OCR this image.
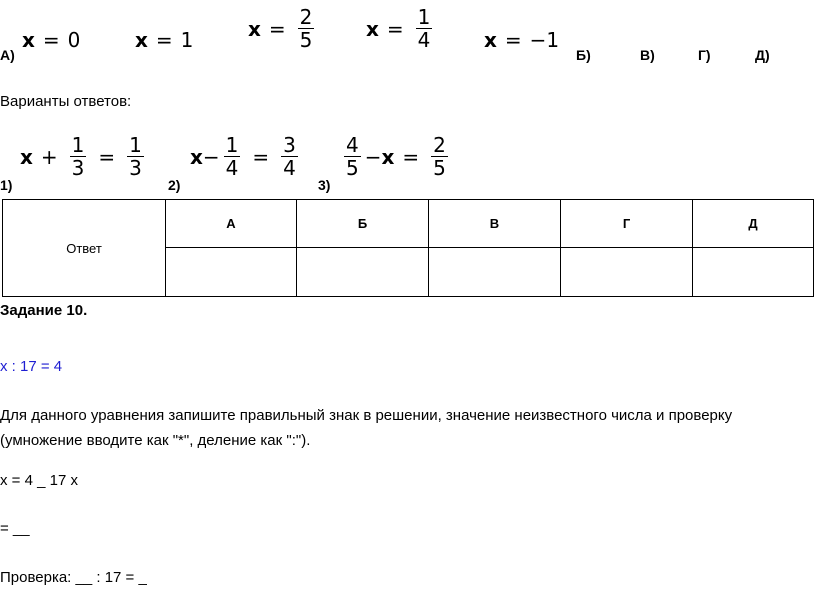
А)
x = 0	x = 1	$x = \frac{2}{5}$	$x = \frac{1}{4}$	x = −1
Б)	В)	Г)	Д)
Варианты ответов:
1)
$x + \frac{1}{3} = \frac{1}{3}$
2)
$x - \frac{1}{4} = \frac{3}{4}$
3)
$\frac{4}{5} - x = \frac{2}{5}$
Ответ	А	Б	В	Г	Д

Задание 10.
x : 17 = 4
Для данного уравнения запишите правильный знак в решении, значение неизвестного числа и проверку
(умножение вводите как "*", деление как ":").
x = 4 _ 17 x
= __
Проверка: __ : 17 = _
